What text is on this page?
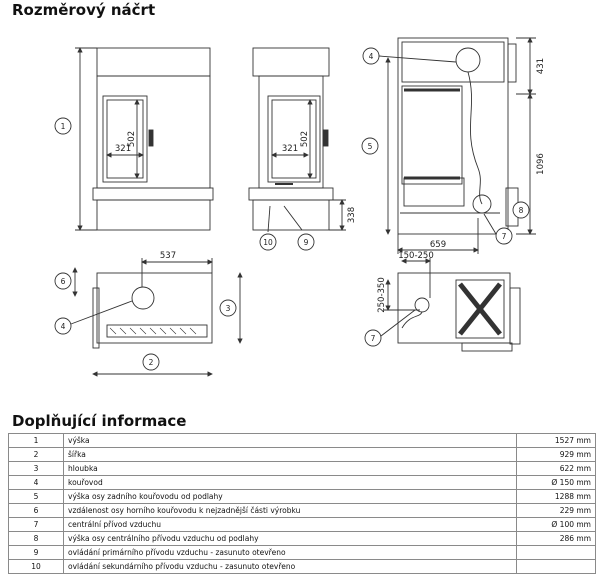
Rozměrový náčrt
537
502
321
502
321
338
431
1096
659
150-250
250-350
1
4
5
10	9
7
8
6
4
3
2
7
Doplňující informace
1	výška	1527 mm
2	šířka	929 mm
3	hloubka	622 mm
4	kouřovod	Ø 150 mm
5	výška osy zadního kouřovodu od podlahy	1288 mm
6	vzdálenost osy horního kouřovodu k nejzadnější části výrobku	229 mm
7	centrální přívod vzduchu	Ø 100 mm
8	výška osy centrálního přívodu vzduchu od podlahy	286 mm
9	ovládání primárního přívodu vzduchu - zasunuto otevřeno	
10	ovládání sekundárního přívodu vzduchu - zasunuto otevřeno	
